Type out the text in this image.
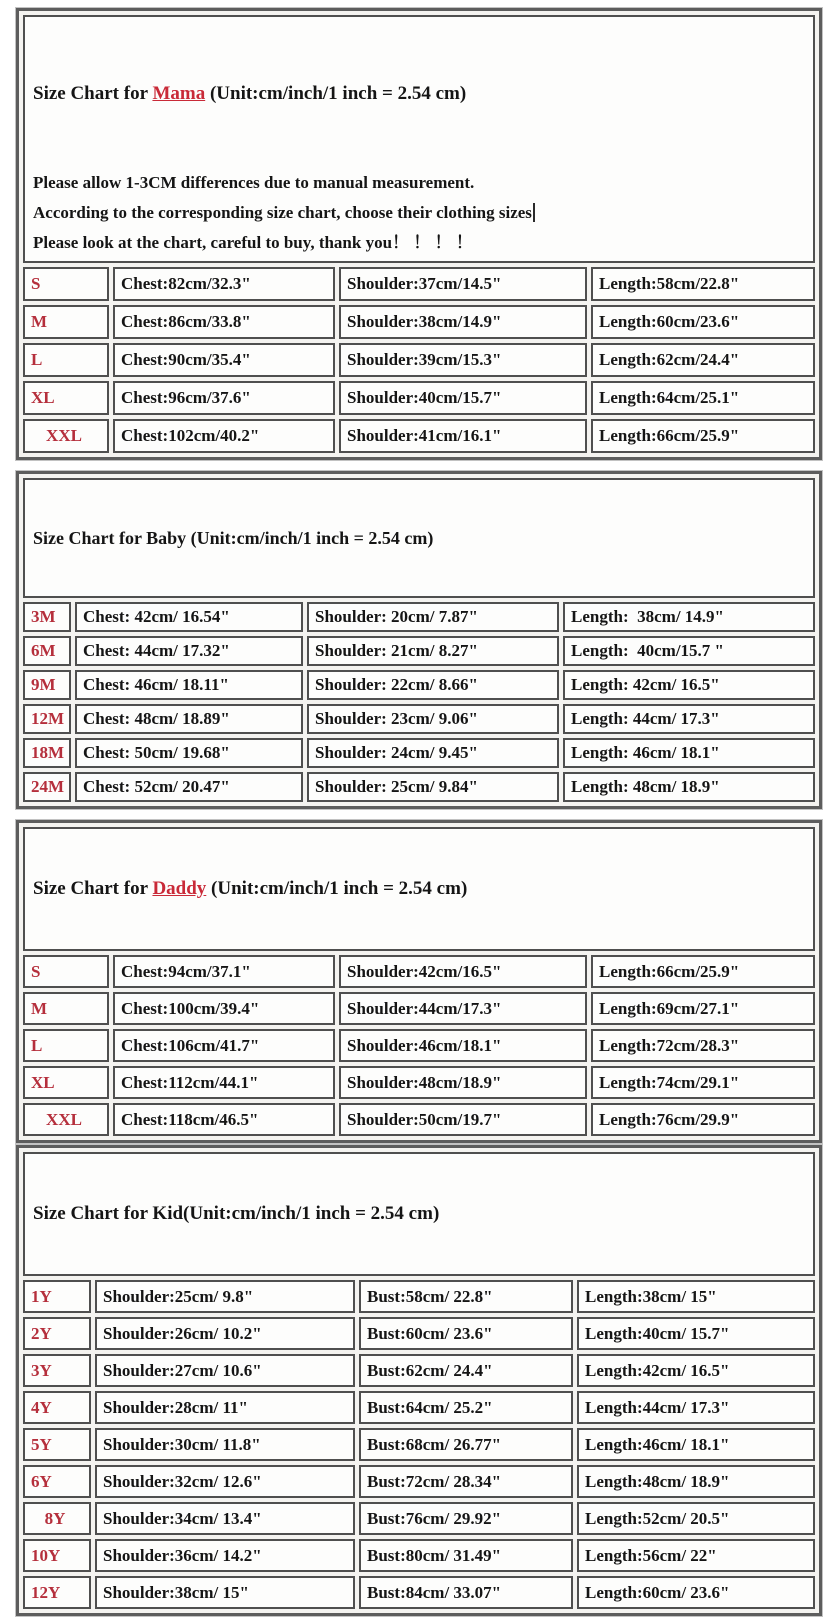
Size Chart for Mama (Unit:cm/inch/1 inch = 2.54 cm)

Please allow 1-3CM differences due to manual measurement.
According to the corresponding size chart, choose their clothing sizes
Please look at the chart, careful to buy, thank you！ ！ ！ ！			

S	Chest:82cm/32.3"	Shoulder:37cm/14.5"	Length:58cm/22.8"
M	Chest:86cm/33.8"	Shoulder:38cm/14.9"	Length:60cm/23.6"
L	Chest:90cm/35.4"	Shoulder:39cm/15.3"	Length:62cm/24.4"
XL	Chest:96cm/37.6"	Shoulder:40cm/15.7"	Length:64cm/25.1"
XXL	Chest:102cm/40.2"	Shoulder:41cm/16.1"	Length:66cm/25.9"

Size Chart for Baby (Unit:cm/inch/1 inch = 2.54 cm)			

3M	Chest: 42cm/ 16.54"	Shoulder: 20cm/ 7.87"	Length:  38cm/ 14.9"
6M	Chest: 44cm/ 17.32"	Shoulder: 21cm/ 8.27"	Length:  40cm/15.7 "
9M	Chest: 46cm/ 18.11"	Shoulder: 22cm/ 8.66"	Length: 42cm/ 16.5"
12M	Chest: 48cm/ 18.89"	Shoulder: 23cm/ 9.06"	Length: 44cm/ 17.3"
18M	Chest: 50cm/ 19.68"	Shoulder: 24cm/ 9.45"	Length: 46cm/ 18.1"
24M	Chest: 52cm/ 20.47"	Shoulder: 25cm/ 9.84"	Length: 48cm/ 18.9"

Size Chart for Daddy (Unit:cm/inch/1 inch = 2.54 cm)			

S	Chest:94cm/37.1"	Shoulder:42cm/16.5"	Length:66cm/25.9"
M	Chest:100cm/39.4"	Shoulder:44cm/17.3"	Length:69cm/27.1"
L	Chest:106cm/41.7"	Shoulder:46cm/18.1"	Length:72cm/28.3"
XL	Chest:112cm/44.1"	Shoulder:48cm/18.9"	Length:74cm/29.1"
XXL	Chest:118cm/46.5"	Shoulder:50cm/19.7"	Length:76cm/29.9"

Size Chart for Kid(Unit:cm/inch/1 inch = 2.54 cm)			

1Y	Shoulder:25cm/ 9.8"	Bust:58cm/ 22.8"	Length:38cm/ 15"
2Y	Shoulder:26cm/ 10.2"	Bust:60cm/ 23.6"	Length:40cm/ 15.7"
3Y	Shoulder:27cm/ 10.6"	Bust:62cm/ 24.4"	Length:42cm/ 16.5"
4Y	Shoulder:28cm/ 11"	Bust:64cm/ 25.2"	Length:44cm/ 17.3"
5Y	Shoulder:30cm/ 11.8"	Bust:68cm/ 26.77"	Length:46cm/ 18.1"
6Y	Shoulder:32cm/ 12.6"	Bust:72cm/ 28.34"	Length:48cm/ 18.9"
8Y	Shoulder:34cm/ 13.4"	Bust:76cm/ 29.92"	Length:52cm/ 20.5"
10Y	Shoulder:36cm/ 14.2"	Bust:80cm/ 31.49"	Length:56cm/ 22"
12Y	Shoulder:38cm/ 15"	Bust:84cm/ 33.07"	Length:60cm/ 23.6"
